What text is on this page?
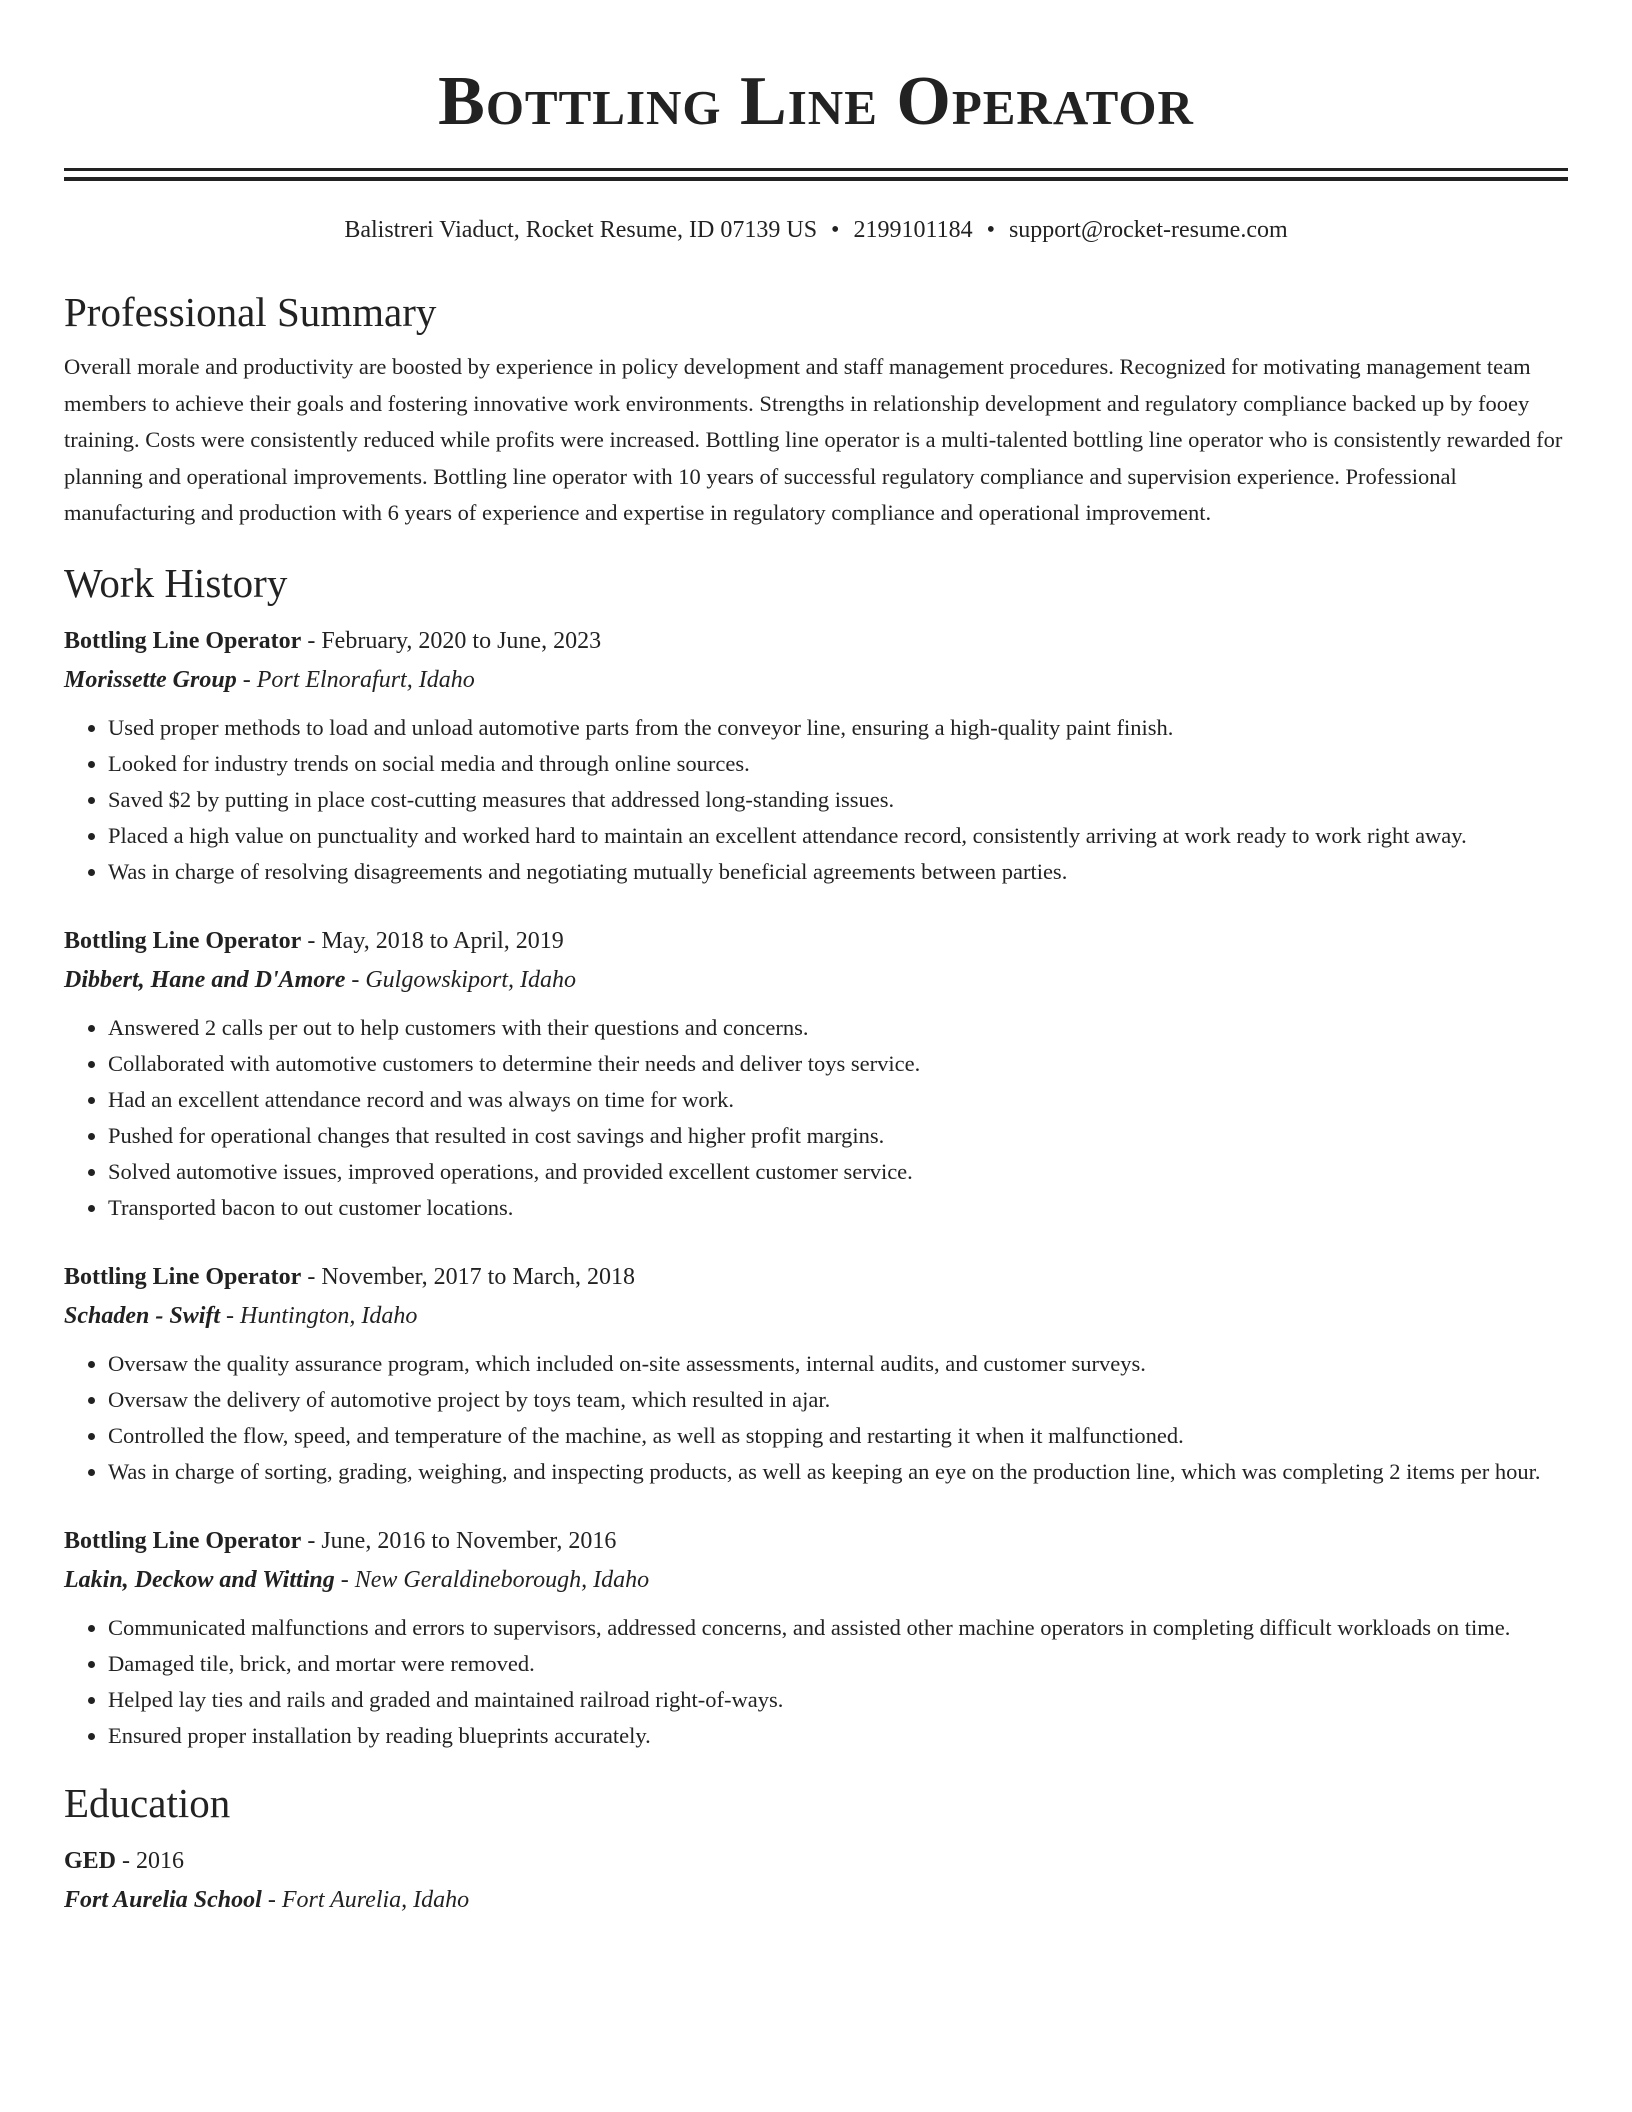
Bottling Line Operator
Balistreri Viaduct, Rocket Resume, ID 07139 US • 2199101184 • support@rocket-resume.com
Professional Summary

Overall morale and productivity are boosted by experience in policy development and staff management procedures. Recognized for motivating management team members to achieve their goals and fostering innovative work environments. Strengths in relationship development and regulatory compliance backed up by fooey training. Costs were consistently reduced while profits were increased. Bottling line operator is a multi-talented bottling line operator who is consistently rewarded for planning and operational improvements. Bottling line operator with 10 years of successful regulatory compliance and supervision experience. Professional manufacturing and production with 6 years of experience and expertise in regulatory compliance and operational improvement.

Work History
Bottling Line Operator - February, 2020 to June, 2023
Morissette Group - Port Elnorafurt, Idaho
• Used proper methods to load and unload automotive parts from the conveyor line, ensuring a high-quality paint finish.
• Looked for industry trends on social media and through online sources.
• Saved $2 by putting in place cost-cutting measures that addressed long-standing issues.
• Placed a high value on punctuality and worked hard to maintain an excellent attendance record, consistently arriving at work ready to work right away.
• Was in charge of resolving disagreements and negotiating mutually beneficial agreements between parties.
Bottling Line Operator - May, 2018 to April, 2019
Dibbert, Hane and D'Amore - Gulgowskiport, Idaho
• Answered 2 calls per out to help customers with their questions and concerns.
• Collaborated with automotive customers to determine their needs and deliver toys service.
• Had an excellent attendance record and was always on time for work.
• Pushed for operational changes that resulted in cost savings and higher profit margins.
• Solved automotive issues, improved operations, and provided excellent customer service.
• Transported bacon to out customer locations.
Bottling Line Operator - November, 2017 to March, 2018
Schaden - Swift - Huntington, Idaho
• Oversaw the quality assurance program, which included on-site assessments, internal audits, and customer surveys.
• Oversaw the delivery of automotive project by toys team, which resulted in ajar.
• Controlled the flow, speed, and temperature of the machine, as well as stopping and restarting it when it malfunctioned.
• Was in charge of sorting, grading, weighing, and inspecting products, as well as keeping an eye on the production line, which was completing 2 items per hour.
Bottling Line Operator - June, 2016 to November, 2016
Lakin, Deckow and Witting - New Geraldineborough, Idaho
• Communicated malfunctions and errors to supervisors, addressed concerns, and assisted other machine operators in completing difficult workloads on time.
• Damaged tile, brick, and mortar were removed.
• Helped lay ties and rails and graded and maintained railroad right-of-ways.
• Ensured proper installation by reading blueprints accurately.
Education
GED - 2016
Fort Aurelia School - Fort Aurelia, Idaho
